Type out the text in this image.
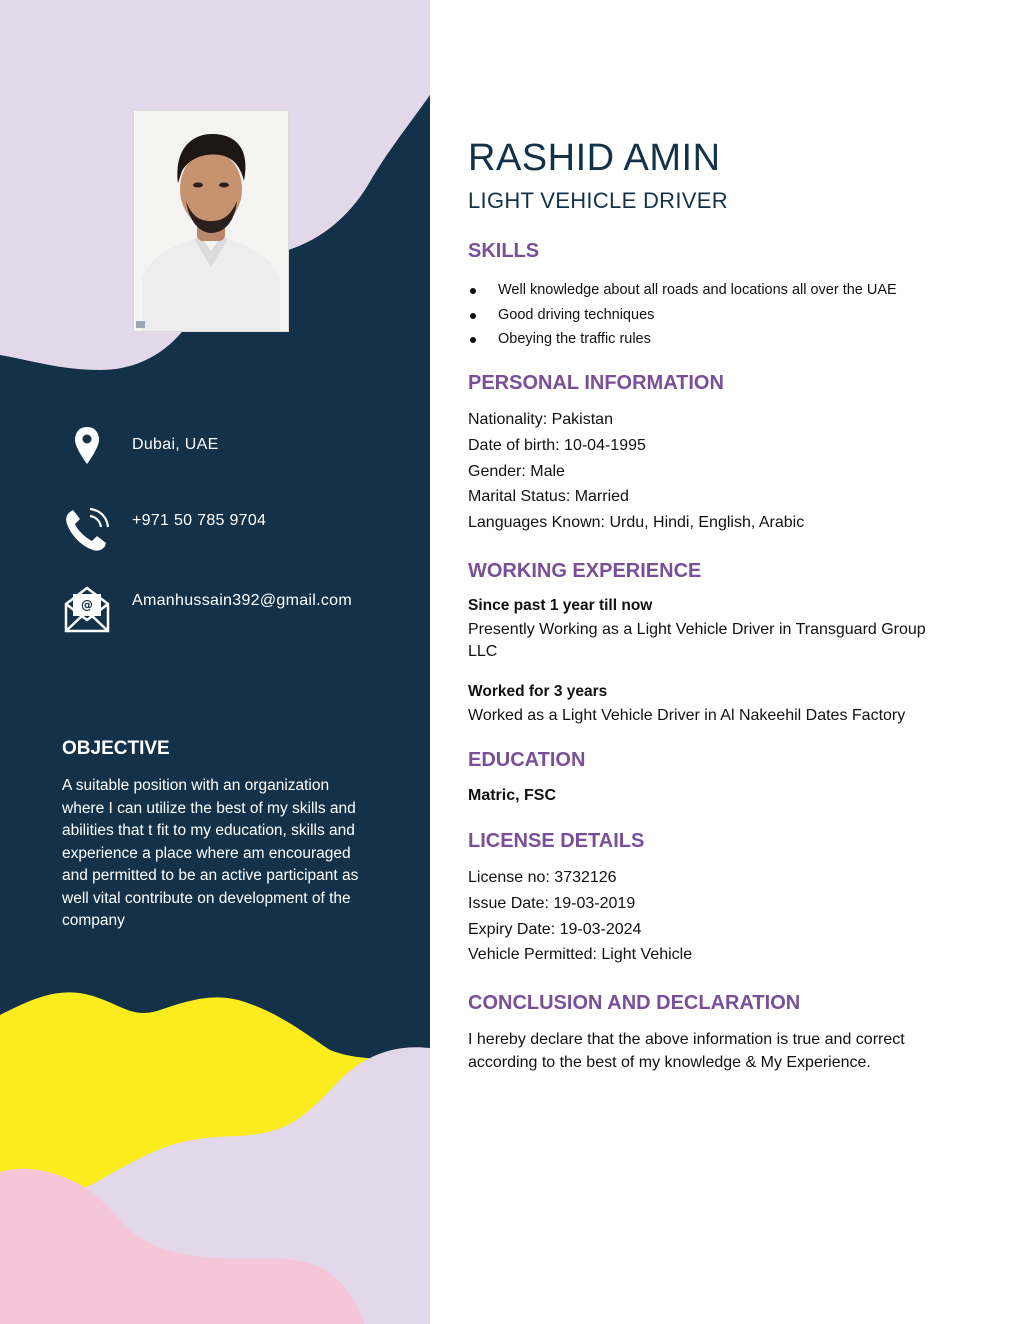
Dubai, UAE
+971 50 785 9704
@ Amanhussain392@gmail.com
OBJECTIVE

A suitable position with an organization where I can utilize the best of my skills and abilities that t fit to my education, skills and experience a place where am encouraged and permitted to be an active participant as well vital contribute on development of the company

RASHID AMIN
LIGHT VEHICLE DRIVER
SKILLS
Well knowledge about all roads and locations all over the UAE
Good driving techniques
Obeying the traffic rules
PERSONAL INFORMATION
Nationality: Pakistan
Date of birth: 10-04-1995
Gender: Male
Marital Status: Married
Languages Known: Urdu, Hindi, English, Arabic
WORKING EXPERIENCE

Since past 1 year till now

Presently Working as a Light Vehicle Driver in Transguard Group LLC

Worked for 3 years

Worked as a Light Vehicle Driver in Al Nakeehil Dates Factory

EDUCATION

Matric, FSC

LICENSE DETAILS
License no: 3732126
Issue Date: 19-03-2019
Expiry Date: 19-03-2024
Vehicle Permitted: Light Vehicle
CONCLUSION AND DECLARATION

I hereby declare that the above information is true and correct according to the best of my knowledge & My Experience.
